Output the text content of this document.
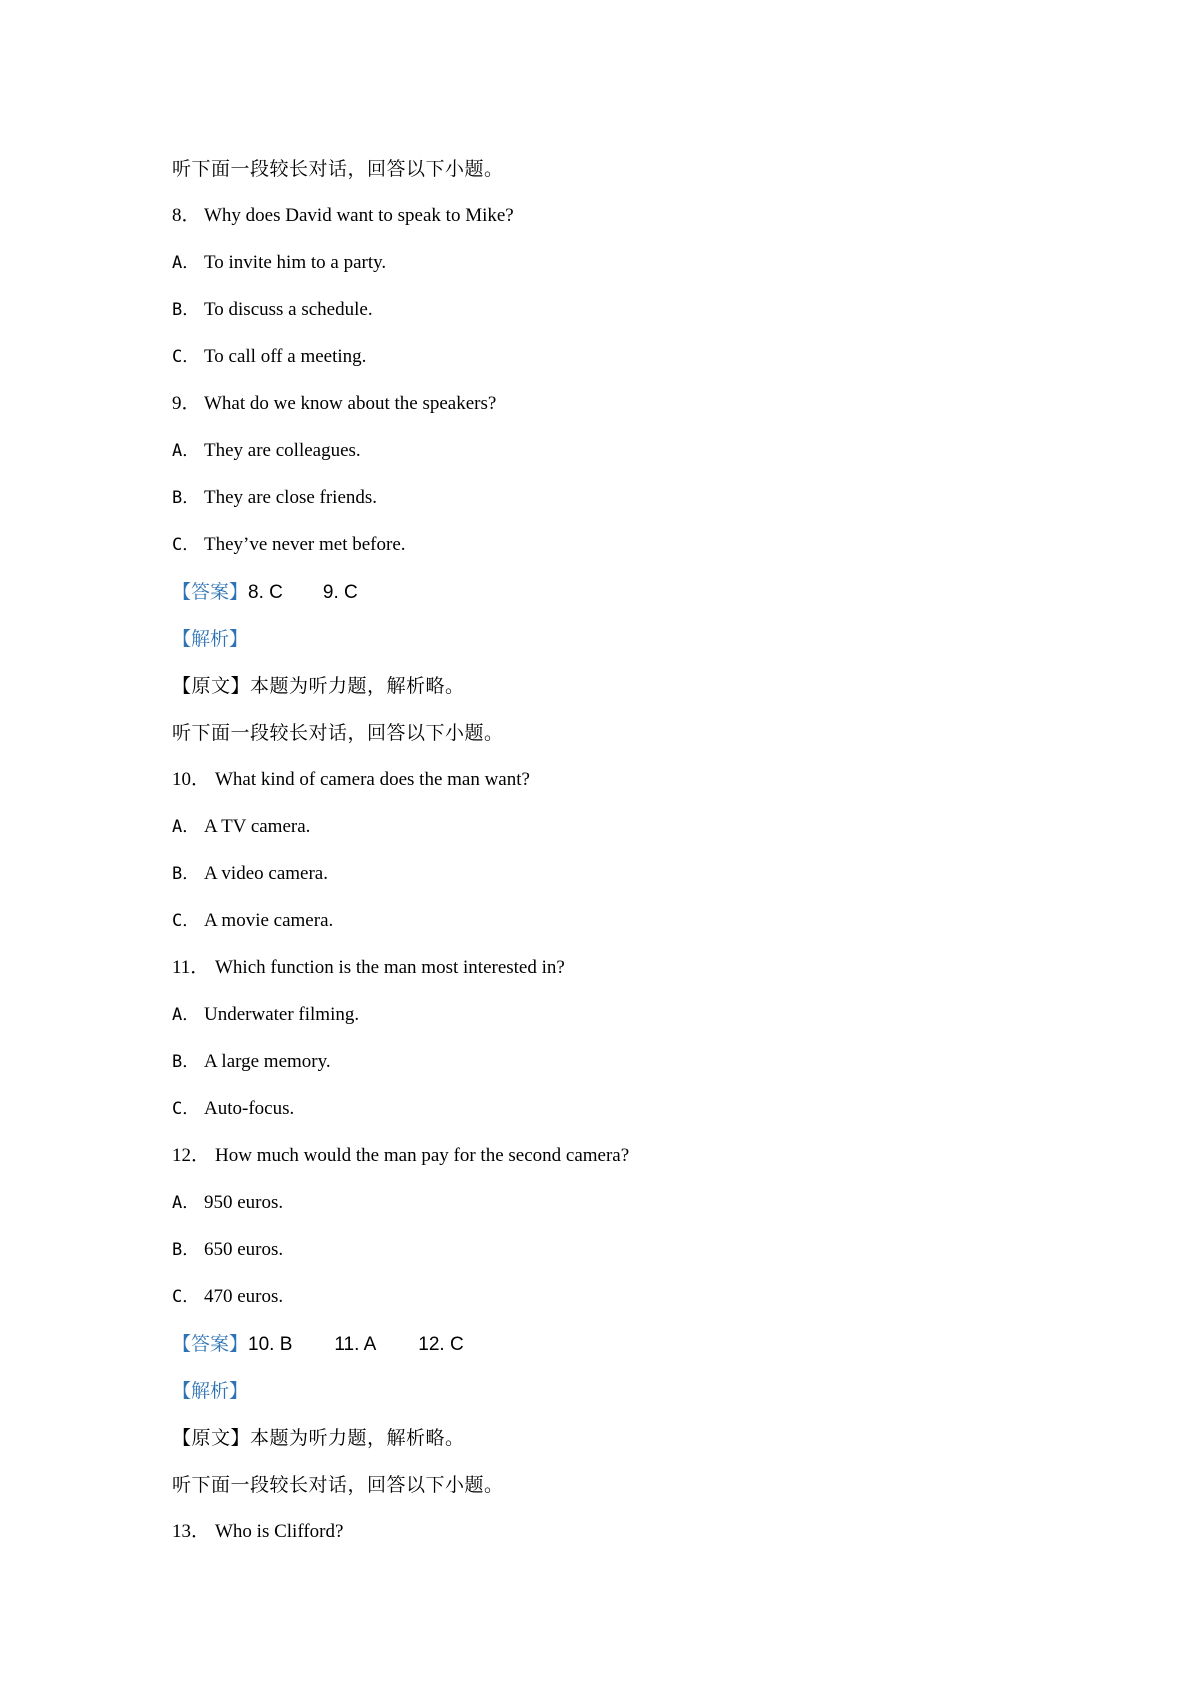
听下面一段较长对话，回答以下小题。
8． Why does David want to speak to Mike?
A． To invite him to a party.
B． To discuss a schedule.
C． To call off a meeting.
9． What do we know about the speakers?
A． They are colleagues.
B． They are close friends.
C． They’ve never met before.
【答案】8. C 9. C
【解析】
【原文】本题为听力题，解析略。
听下面一段较长对话，回答以下小题。
10． What kind of camera does the man want?
A． A TV camera.
B． A video camera.
C． A movie camera.
11． Which function is the man most interested in?
A． Underwater filming.
B． A large memory.
C． Auto-focus.
12． How much would the man pay for the second camera?
A． 950 euros.
B． 650 euros.
C． 470 euros.
【答案】10. B 11. A 12. C
【解析】
【原文】本题为听力题，解析略。
听下面一段较长对话，回答以下小题。
13． Who is Clifford?
